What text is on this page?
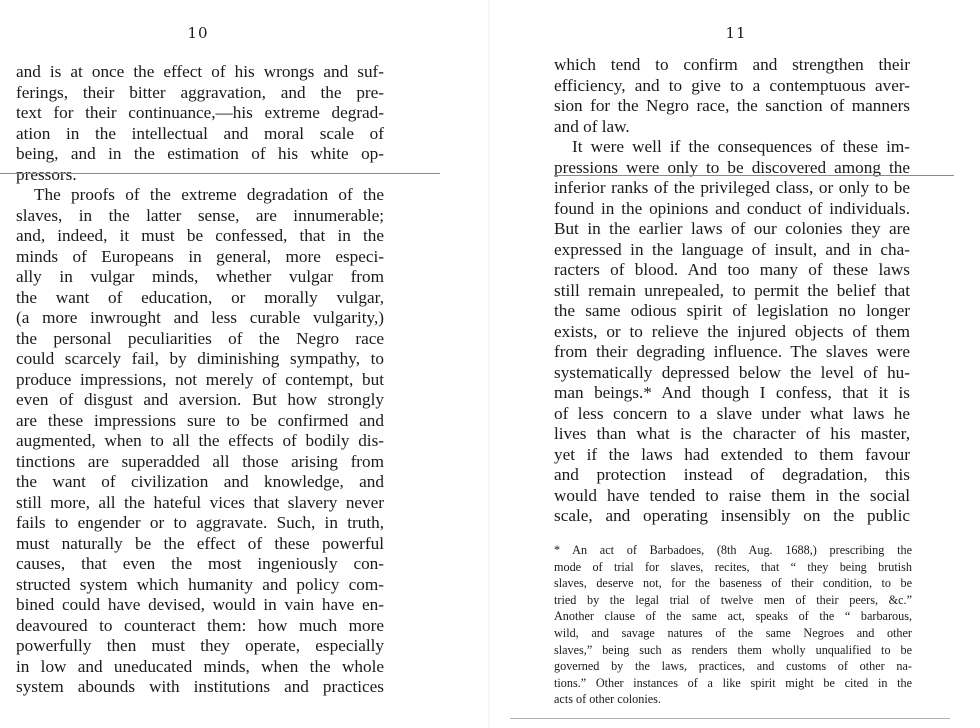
10
and is at once the effect of his wrongs and suf-
ferings, their bitter aggravation, and the pre-
text for their continuance,—his extreme degrad-
ation in the intellectual and moral scale of
being, and in the estimation of his white op-
pressors.
The proofs of the extreme degradation of the
slaves, in the latter sense, are innumerable;
and, indeed, it must be confessed, that in the
minds of Europeans in general, more especi-
ally in vulgar minds, whether vulgar from
the want of education, or morally vulgar,
(a more inwrought and less curable vulgarity,)
the personal peculiarities of the Negro race
could scarcely fail, by diminishing sympathy, to
produce impressions, not merely of contempt, but
even of disgust and aversion. But how strongly
are these impressions sure to be confirmed and
augmented, when to all the effects of bodily dis-
tinctions are superadded all those arising from
the want of civilization and knowledge, and
still more, all the hateful vices that slavery never
fails to engender or to aggravate. Such, in truth,
must naturally be the effect of these powerful
causes, that even the most ingeniously con-
structed system which humanity and policy com-
bined could have devised, would in vain have en-
deavoured to counteract them: how much more
powerfully then must they operate, especially
in low and uneducated minds, when the whole
system abounds with institutions and practices
11
which tend to confirm and strengthen their
efficiency, and to give to a contemptuous aver-
sion for the Negro race, the sanction of manners
and of law.
It were well if the consequences of these im-
pressions were only to be discovered among the
inferior ranks of the privileged class, or only to be
found in the opinions and conduct of individuals.
But in the earlier laws of our colonies they are
expressed in the language of insult, and in cha-
racters of blood. And too many of these laws
still remain unrepealed, to permit the belief that
the same odious spirit of legislation no longer
exists, or to relieve the injured objects of them
from their degrading influence. The slaves were
systematically depressed below the level of hu-
man beings.* And though I confess, that it is
of less concern to a slave under what laws he
lives than what is the character of his master,
yet if the laws had extended to them favour
and protection instead of degradation, this
would have tended to raise them in the social
scale, and operating insensibly on the public
* An act of Barbadoes, (8th Aug. 1688,) prescribing the
mode of trial for slaves, recites, that “ they being brutish
slaves, deserve not, for the baseness of their condition, to be
tried by the legal trial of twelve men of their peers, &c.”
Another clause of the same act, speaks of the “ barbarous,
wild, and savage natures of the same Negroes and other
slaves,” being such as renders them wholly unqualified to be
governed by the laws, practices, and customs of other na-
tions.” Other instances of a like spirit might be cited in the
acts of other colonies.
